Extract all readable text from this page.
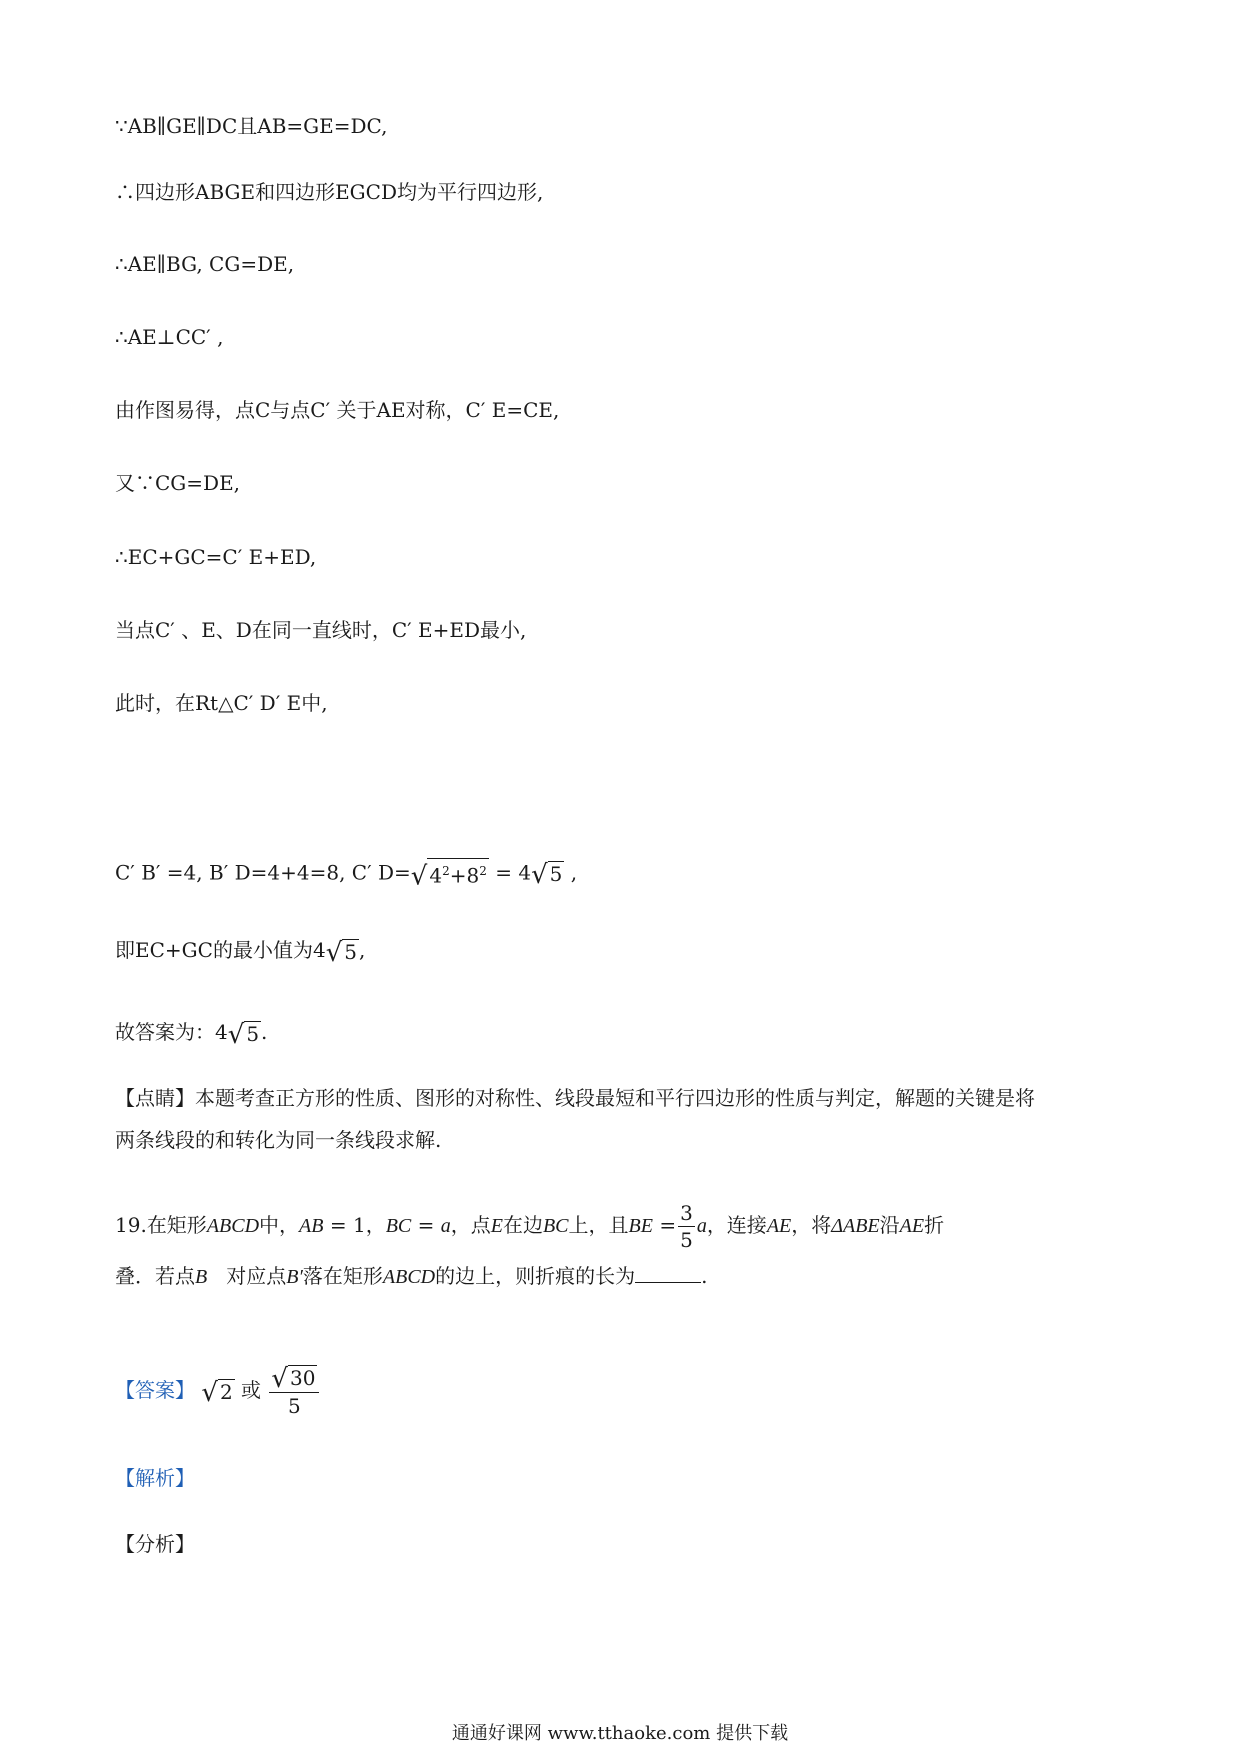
∵AB∥GE∥DC且AB=GE=DC,
∴四边形ABGE和四边形EGCD均为平行四边形,
∴AE∥BG, CG=DE,
∴AE⊥CC′ ,
由作图易得，点C与点C′ 关于AE对称，C′ E=CE,
又∵CG=DE,
∴EC+GC=C′ E+ED,
当点C′ 、E、D在同一直线时，C′ E+ED最小,
此时，在Rt△C′ D′ E中,
C′ B′ =4, B′ D=4+4=8, C′ D=√ $4^2+8^2 = 4√$ 5 ,
即EC+GC的最小值为4√ 5 ,
故答案为：4√ 5 .
【点睛】本题考查正方形的性质、图形的对称性、线段最短和平行四边形的性质与判定，解题的关键是将
两条线段的和转化为同一条线段求解.
19.在矩形ABCD中，AB = 1，BC = a，点E在边BC上，且BE = $\frac{3}{5}$ a，连接AE，将ΔABE沿AE折
叠．若点B 对应点B′落在矩形ABCD的边上，则折痕的长为	.
【答案】 √ 2 或 $\frac{√ 30}{5}$
【解析】
【分析】
通通好课网 www.tthaoke.com 提供下载
